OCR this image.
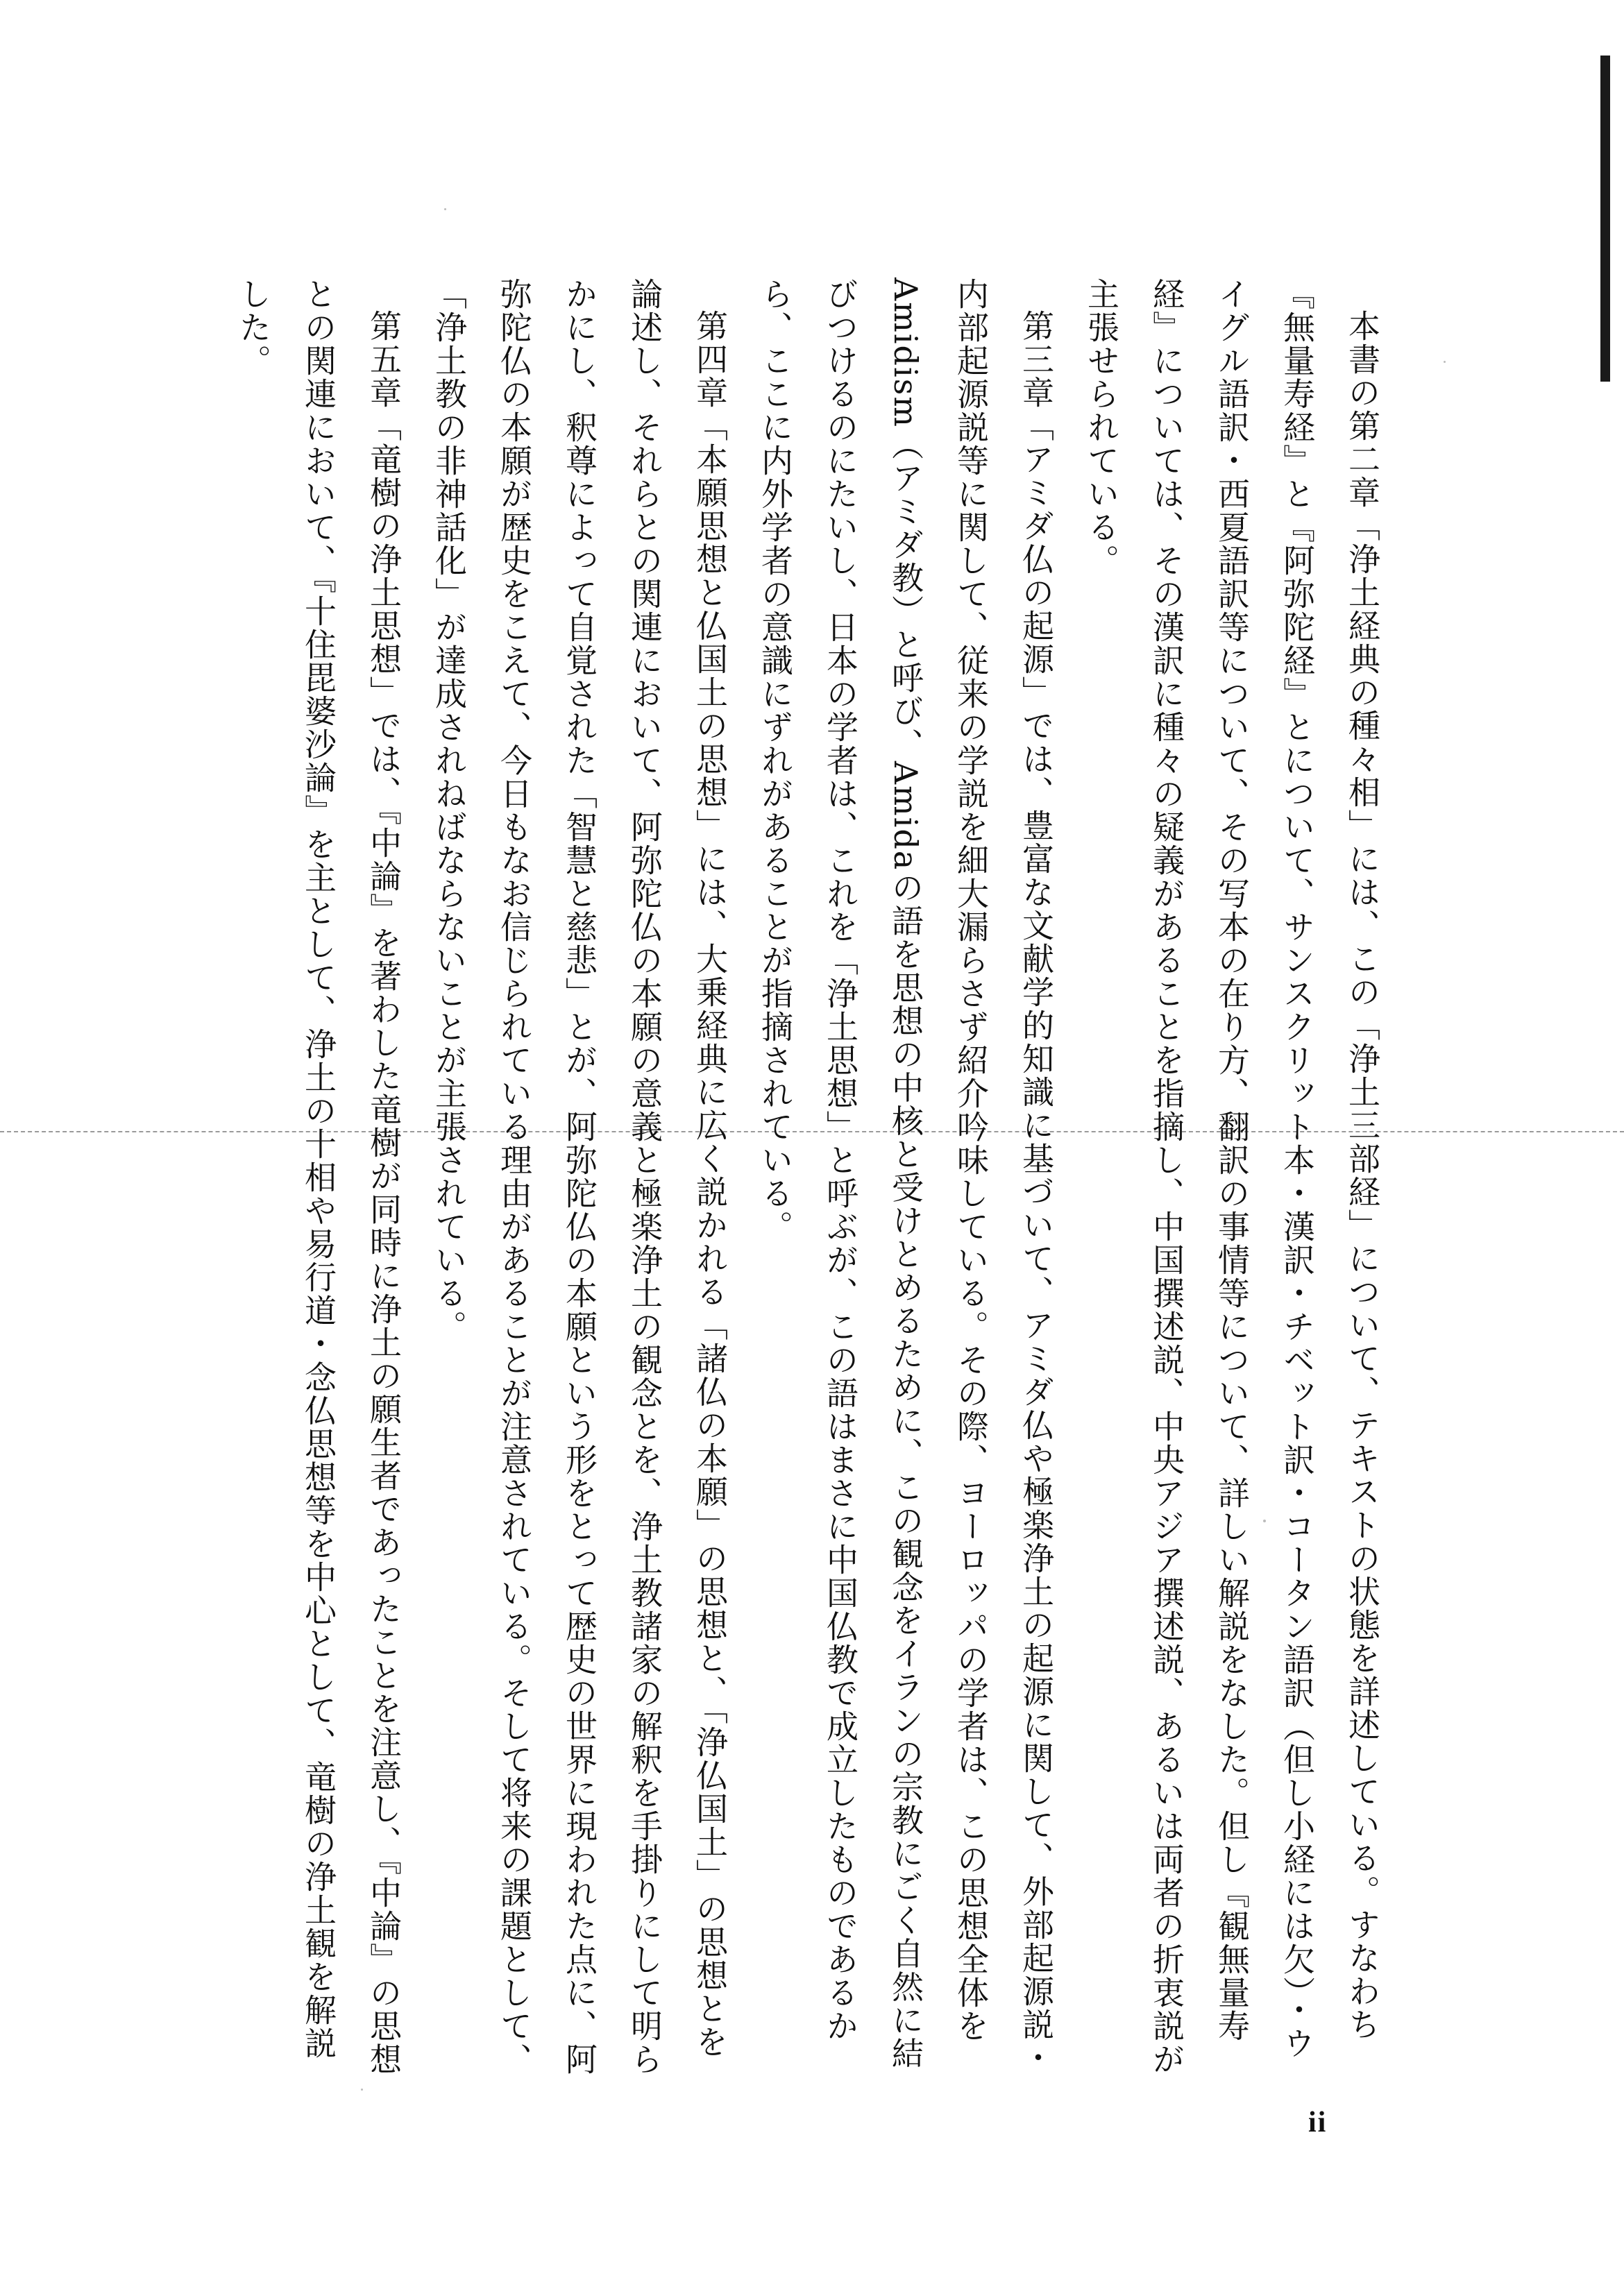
本書の第二章「浄土経典の種々相」には、この「浄土三部経」について、テキストの状態を詳述している。すなわち『無量寿経』と『阿弥陀経』とについて、サンスクリット本・漢訳・チベット訳・コータン語訳（但し小経には欠）・ウイグル語訳・西夏語訳等について、その写本の在り方、翻訳の事情等について、詳しい解説をなした。但し『観無量寿経』については、その漢訳に種々の疑義があることを指摘し、中国撰述説、中央アジア撰述説、あるいは両者の折衷説が主張せられている。

第三章「アミダ仏の起源」では、豊富な文献学的知識に基づいて、アミダ仏や極楽浄土の起源に関して、外部起源説・内部起源説等に関して、従来の学説を細大漏らさず紹介吟味している。その際、ヨーロッパの学者は、この思想全体をAmidism（アミダ教）と呼び、Amidaの語を思想の中核と受けとめるために、この観念をイランの宗教にごく自然に結びつけるのにたいし、日本の学者は、これを「浄土思想」と呼ぶが、この語はまさに中国仏教で成立したものであるから、ここに内外学者の意識にずれがあることが指摘されている。

第四章「本願思想と仏国土の思想」には、大乗経典に広く説かれる「諸仏の本願」の思想と、「浄仏国土」の思想とを論述し、それらとの関連において、阿弥陀仏の本願の意義と極楽浄土の観念とを、浄土教諸家の解釈を手掛りにして明らかにし、釈尊によって自覚された「智慧と慈悲」とが、阿弥陀仏の本願という形をとって歴史の世界に現われた点に、阿弥陀仏の本願が歴史をこえて、今日もなお信じられている理由があることが注意されている。そして将来の課題として、「浄土教の非神話化」が達成されねばならないことが主張されている。

第五章「竜樹の浄土思想」では、『中論』を著わした竜樹が同時に浄土の願生者であったことを注意し、『中論』の思想との関連において、『十住毘婆沙論』を主として、浄土の十相や易行道・念仏思想等を中心として、竜樹の浄土観を解説した。

ii
